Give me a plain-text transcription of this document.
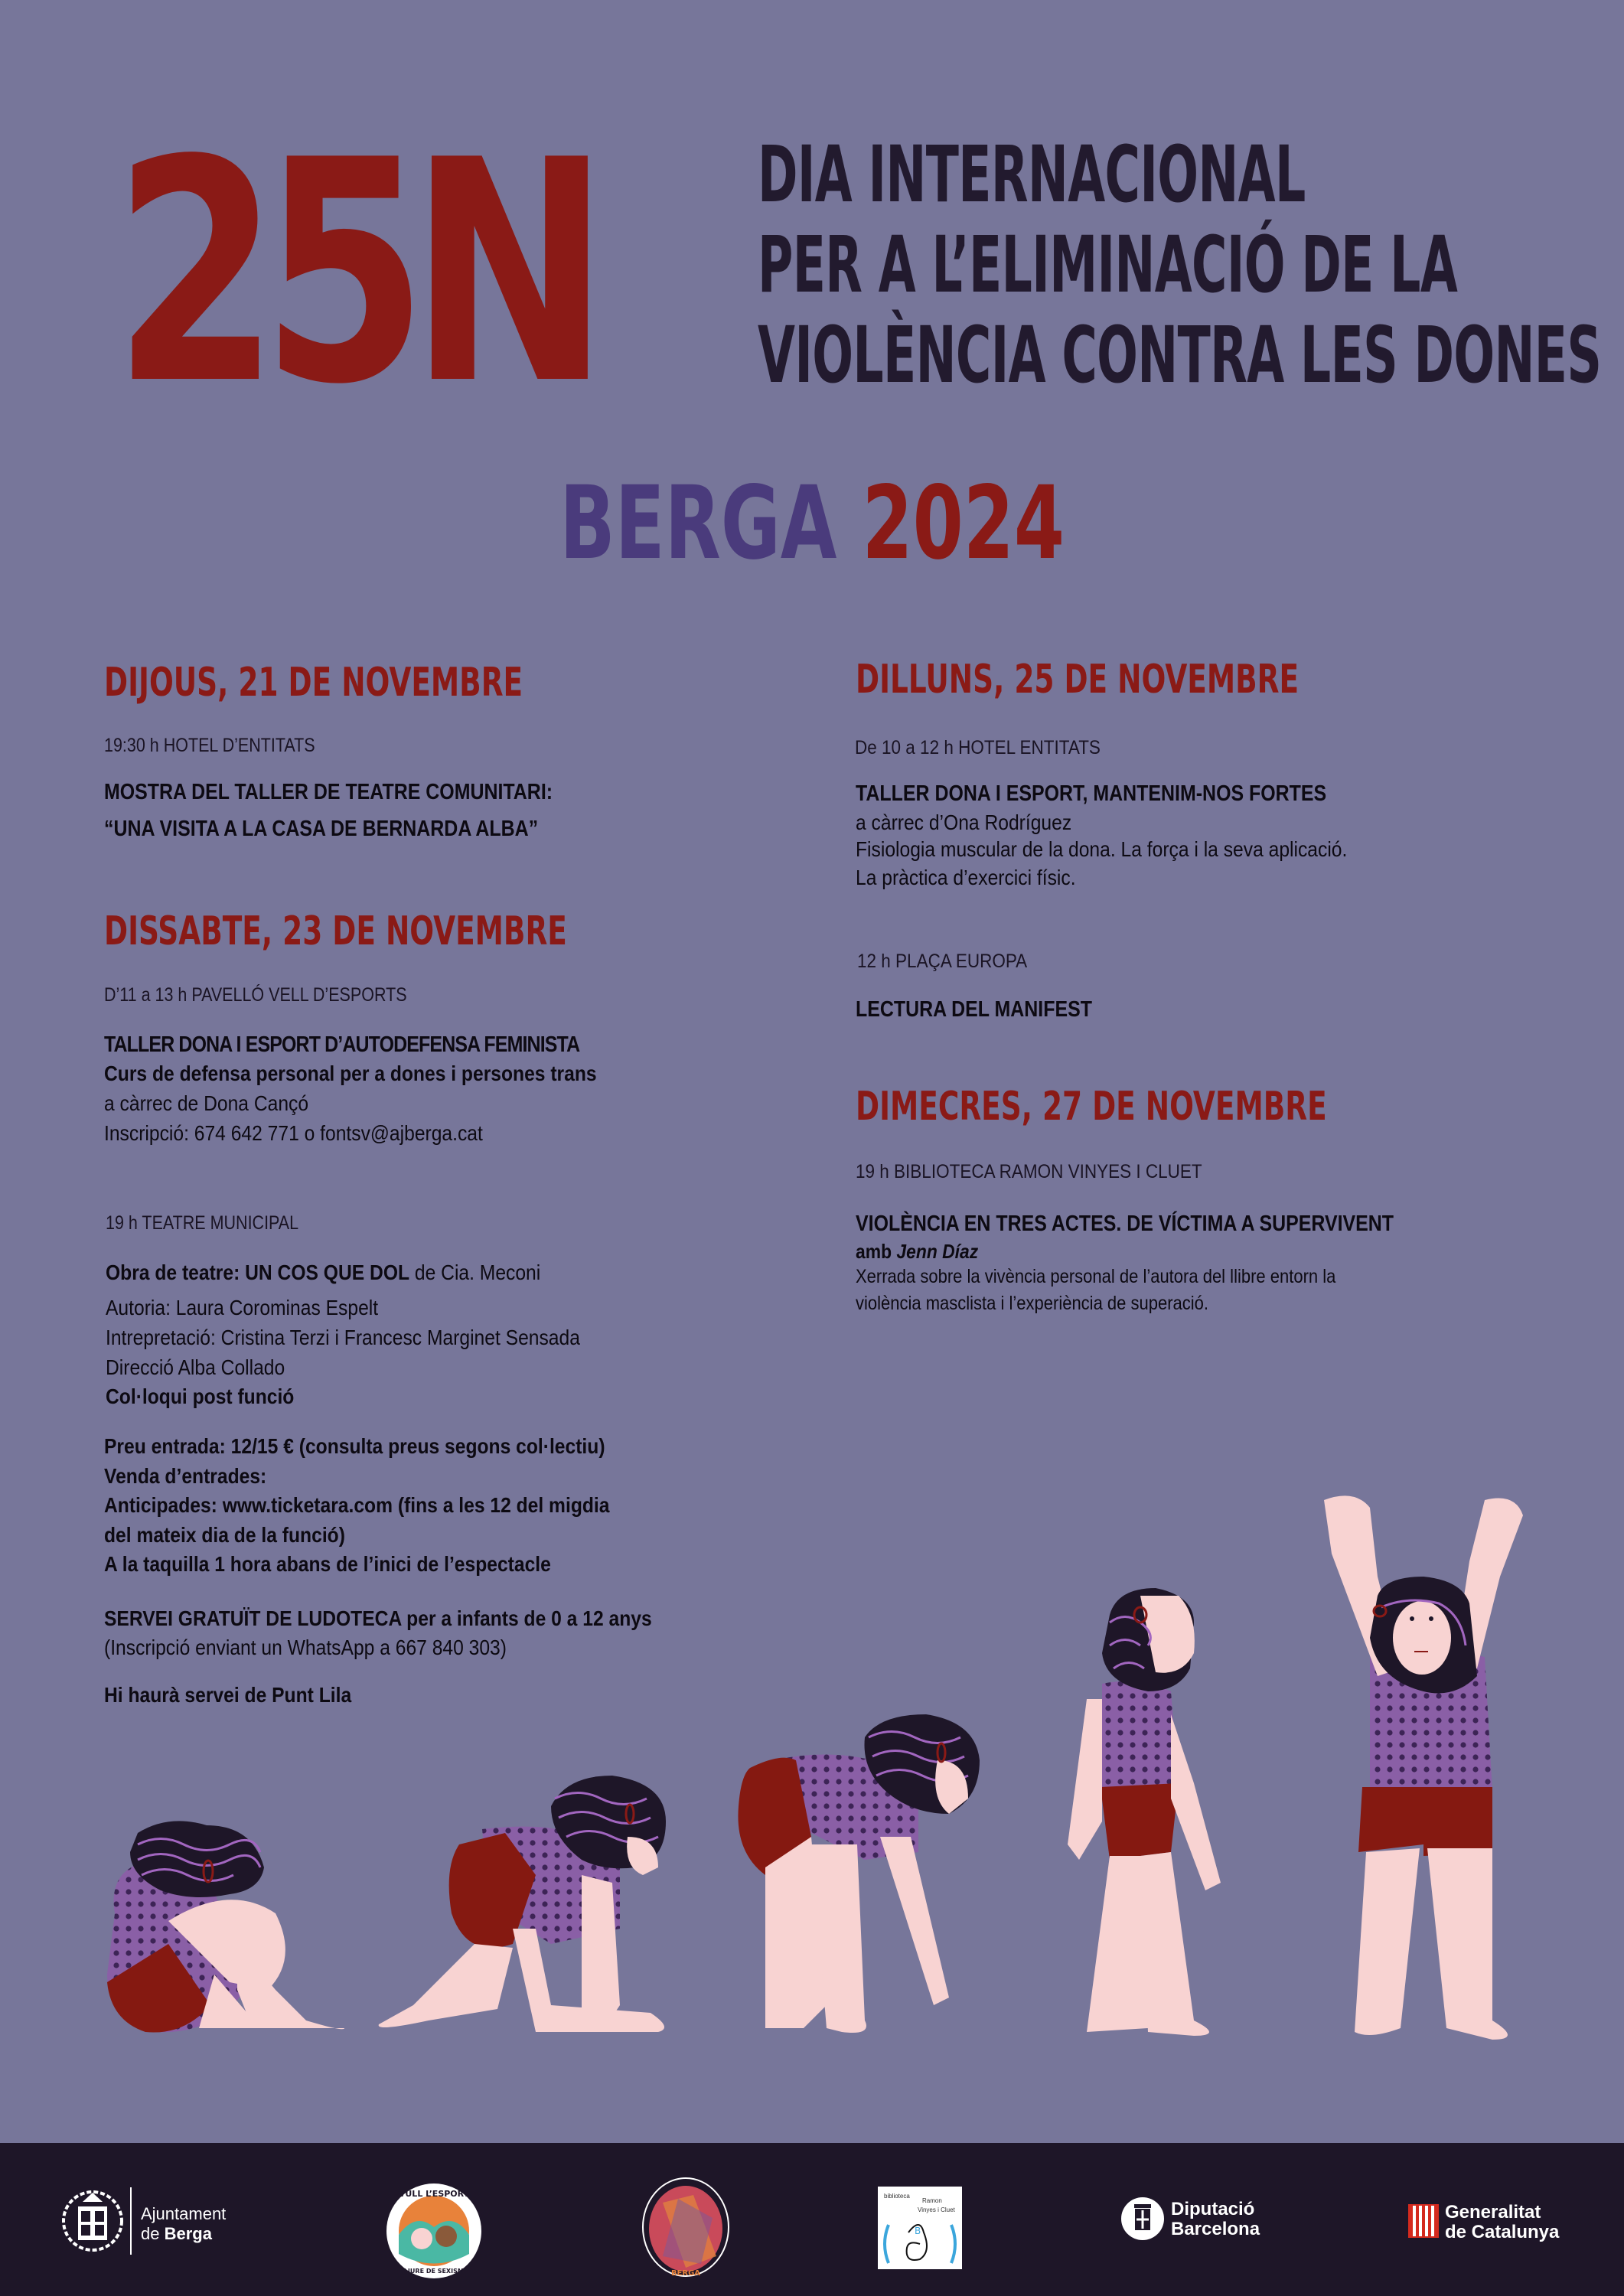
25N DIA INTERNACIONAL
PER A L’ELIMINACIÓ DE LA
VIOLÈNCIA CONTRA LES DONES
BERGA 2024
DIJOUS, 21 DE NOVEMBRE
19:30 h HOTEL D’ENTITATS
MOSTRA DEL TALLER DE TEATRE COMUNITARI:
“UNA VISITA A LA CASA DE BERNARDA ALBA”
DISSABTE, 23 DE NOVEMBRE
D’11 a 13 h PAVELLÓ VELL D’ESPORTS
TALLER DONA I ESPORT D’AUTODEFENSA FEMINISTA
Curs de defensa personal per a dones i persones trans
a càrrec de Dona Cançó
Inscripció: 674 642 771 o fontsv@ajberga.cat
19 h TEATRE MUNICIPAL
Obra de teatre: UN COS QUE DOL de Cia. Meconi
Autoria: Laura Corominas Espelt
Intrepretació: Cristina Terzi i Francesc Marginet Sensada
Direcció Alba Collado
Col·loqui post funció
Preu entrada: 12/15 € (consulta preus segons col·lectiu)
Venda d’entrades:
Anticipades: www.ticketara.com (fins a les 12 del migdia
del mateix dia de la funció)
A la taquilla 1 hora abans de l’inici de l’espectacle
SERVEI GRATUÏT DE LUDOTECA per a infants de 0 a 12 anys
(Inscripció enviant un WhatsApp a 667 840 303)
Hi haurà servei de Punt Lila
DILLUNS, 25 DE NOVEMBRE
De 10 a 12 h HOTEL ENTITATS
TALLER DONA I ESPORT, MANTENIM-NOS FORTES
a càrrec d’Ona Rodríguez
Fisiologia muscular de la dona. La força i la seva aplicació.
La pràctica d’exercici físic.
12 h PLAÇA EUROPA
LECTURA DEL MANIFEST
DIMECRES, 27 DE NOVEMBRE
19 h BIBLIOTECA RAMON VINYES I CLUET
VIOLÈNCIA EN TRES ACTES. DE VÍCTIMA A SUPERVIVENT
amb Jenn Díaz
Xerrada sobre la vivència personal de l’autora del llibre entorn la
violència masclista i l’experiència de superació.
Ajuntament
de Berga
VULL L’ESPORT
LLIURE DE SEXISME	BERGA
biblioteca
Ramon
Vinyes i Cluet
B
Diputació
Barcelona
Generalitat
de Catalunya
